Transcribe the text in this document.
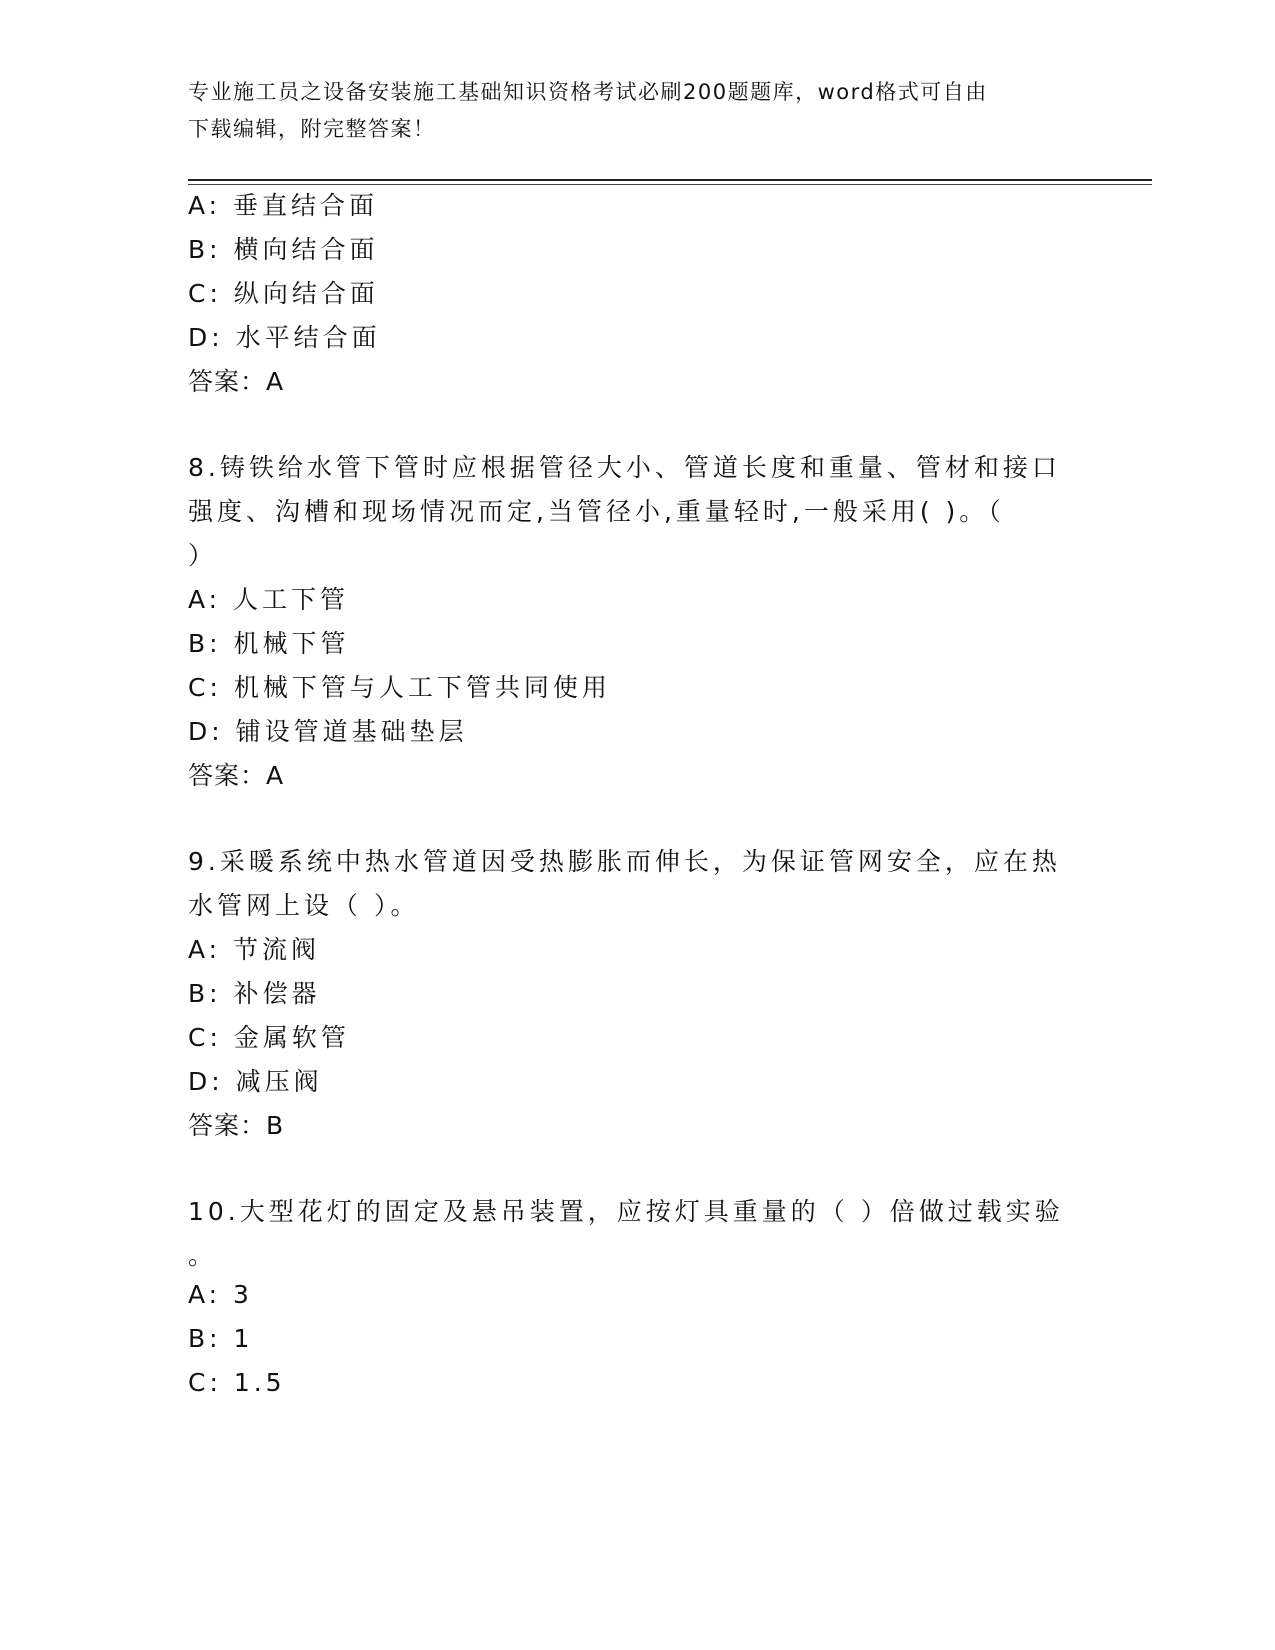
专业施工员之设备安装施工基础知识资格考试必刷200题题库，word格式可自由
下载编辑，附完整答案！
A: 垂直结合面
B: 横向结合面
C: 纵向结合面
D: 水平结合面
答案：A
8.铸铁给水管下管时应根据管径大小、管道长度和重量、管材和接口
强度、沟槽和现场情况而定,当管径小,重量轻时,一般采用( )。（
）
A: 人工下管
B: 机械下管
C: 机械下管与人工下管共同使用
D: 铺设管道基础垫层
答案：A
9.采暖系统中热水管道因受热膨胀而伸长，为保证管网安全，应在热
水管网上设（ ）。
A: 节流阀
B: 补偿器
C: 金属软管
D: 减压阀
答案：B
10.大型花灯的固定及悬吊装置，应按灯具重量的（ ）倍做过载实验
。
A: 3
B: 1
C: 1.5
